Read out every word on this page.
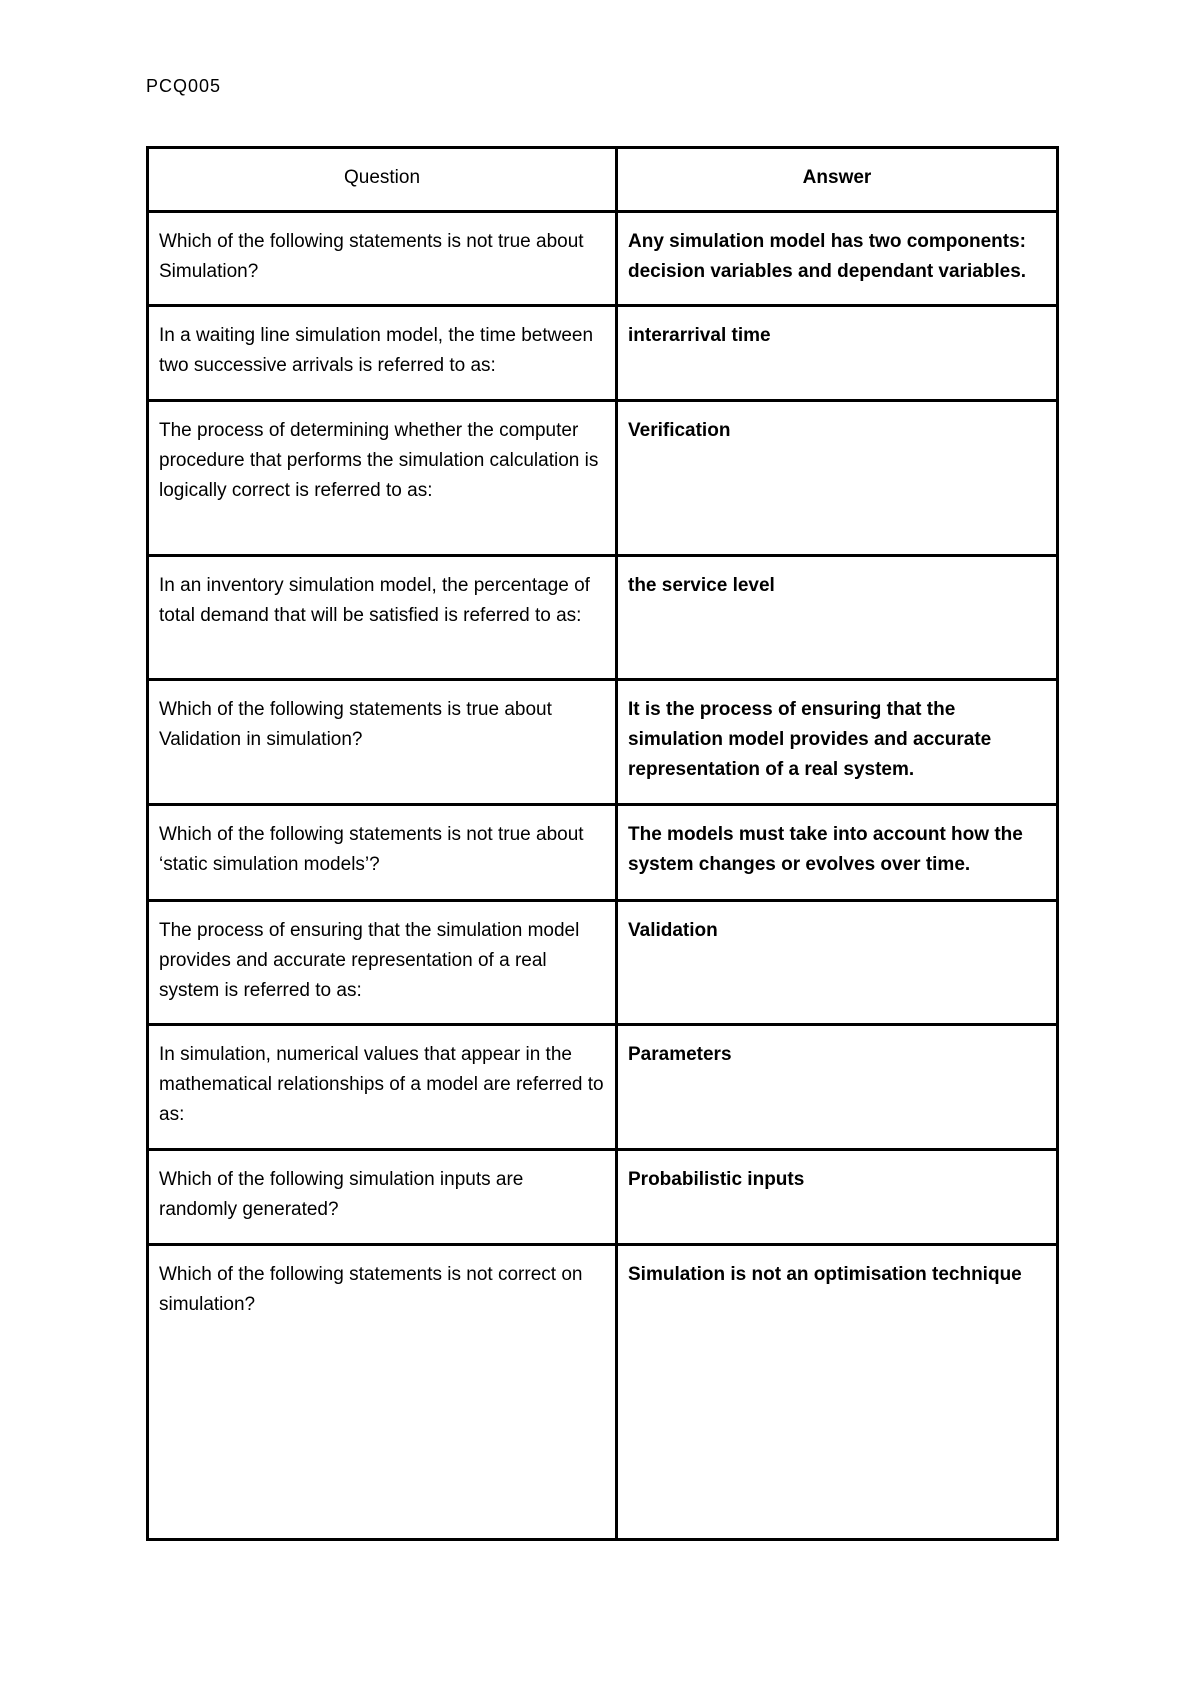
PCQ005
Question	Answer
Which of the following statements is not true about Simulation?	Any simulation model has two components: decision variables and dependant variables.
In a waiting line simulation model, the time between two successive arrivals is referred to as:	interarrival time
The process of determining whether the computer procedure that performs the simulation calculation is logically correct is referred to as:	Verification
In an inventory simulation model, the percentage of total demand that will be satisfied is referred to as:	the service level
Which of the following statements is true about Validation in simulation?	It is the process of ensuring that the simulation model provides and accurate representation of a real system.
Which of the following statements is not true about ‘static simulation models’?	The models must take into account how the system changes or evolves over time.
The process of ensuring that the simulation model provides and accurate representation of a real system is referred to as:	Validation
In simulation, numerical values that appear in the mathematical relationships of a model are referred to as:	Parameters
Which of the following simulation inputs are randomly generated?	Probabilistic inputs
Which of the following statements is not correct on simulation?	Simulation is not an optimisation technique
